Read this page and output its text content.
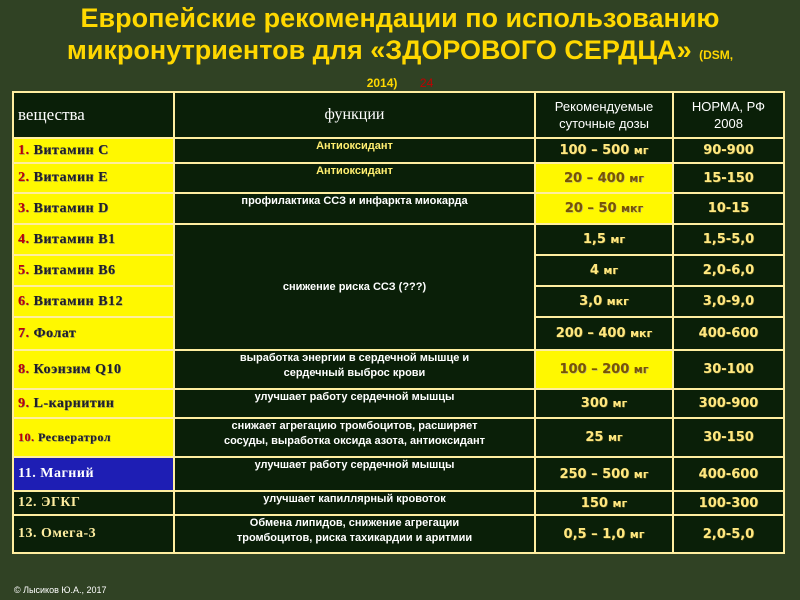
Европейские рекомендации по использованию
микронутриентов для «ЗДОРОВОГО СЕРДЦА» (DSM,
2014) 24
вещества	функции	Рекомендуемые
суточные дозы	НОРМА, РФ
2008
1. Витамин С	Антиоксидант	100 – 500 мг	90-900
2. Витамин Е	Антиоксидант	20 – 400 мг	15-150
3. Витамин D	профилактика ССЗ и инфаркта миокарда	20 – 50 мкг	10-15
4. Витамин В1	снижение риска ССЗ (???)	1,5 мг	1,5-5,0
5. Витамин В6		4 мг	2,0-6,0
6. Витамин В12		3,0 мкг	3,0-9,0
7. Фолат		200 – 400 мкг	400-600
8. Коэнзим Q10	выработка энергии в сердечной мышце и
сердечный выброс крови	100 – 200 мг	30-100
9. L-карнитин	улучшает работу сердечной мышцы	300 мг	300-900
10. Ресвератрол	снижает агрегацию тромбоцитов, расширяет
сосуды, выработка оксида азота, антиоксидант	25 мг	30-150
11. Магний	улучшает работу сердечной мышцы	250 – 500 мг	400-600
12. ЭГКГ	улучшает капиллярный кровоток	150 мг	100-300
13. Омега-3	Обмена липидов, снижение агрегации
тромбоцитов, риска тахикардии и аритмии	0,5 – 1,0 мг	2,0-5,0
© Лысиков Ю.А., 2017
